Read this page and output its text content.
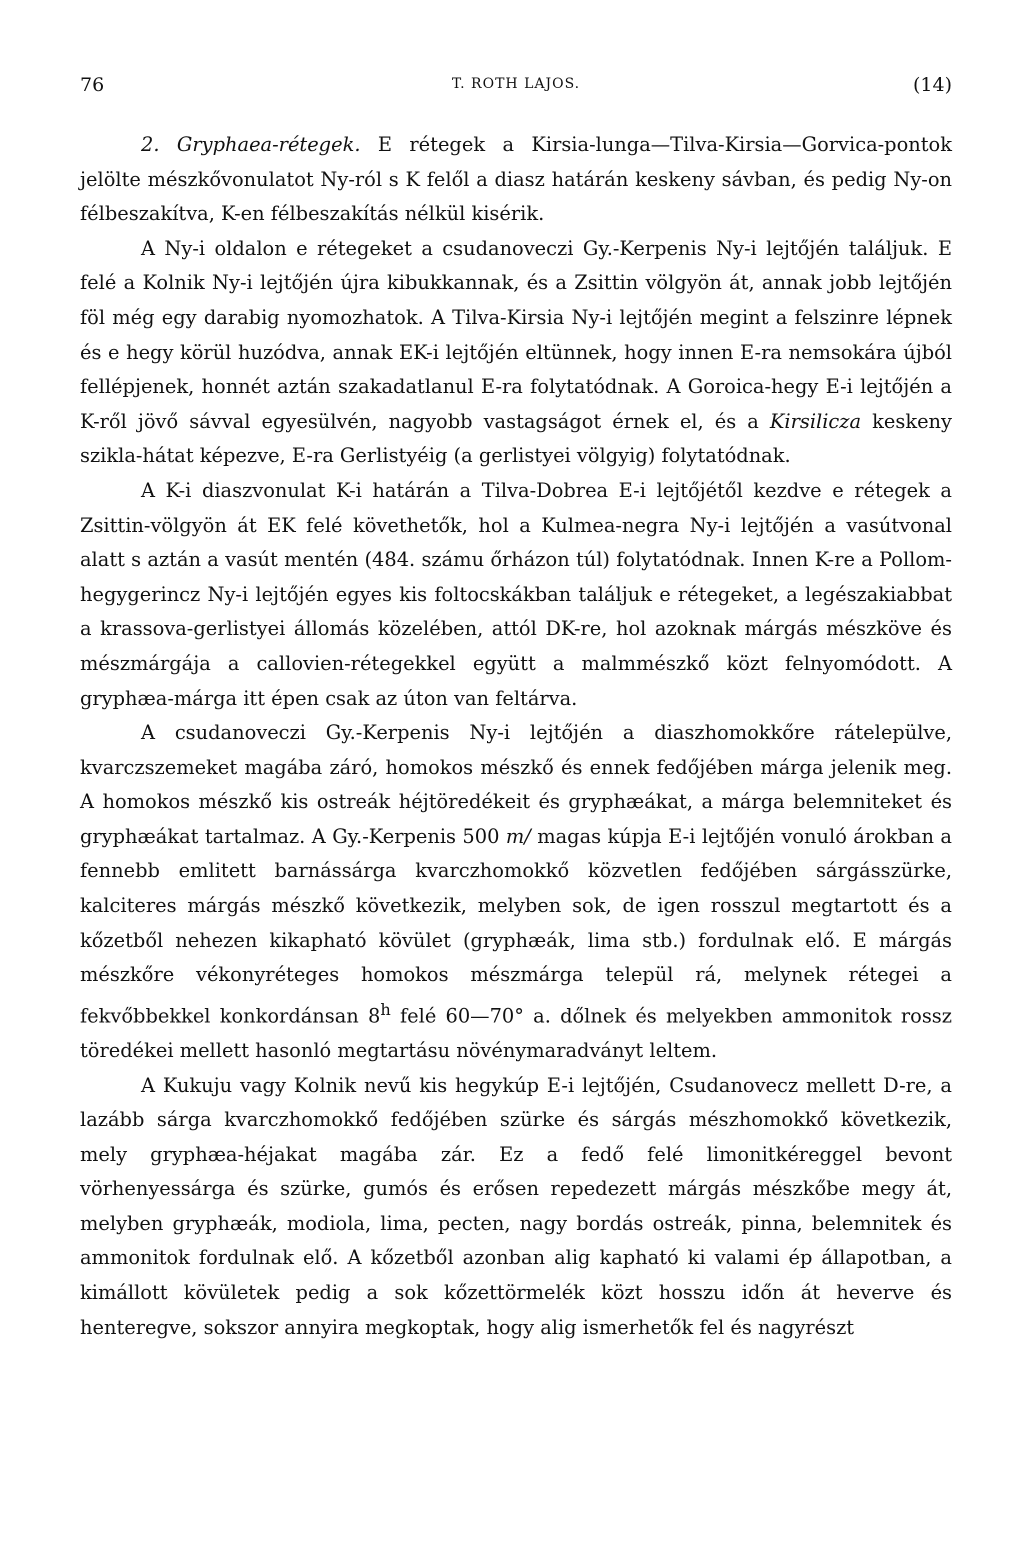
76	T. ROTH LAJOS.	(14)

2. Gryphaea-rétegek. E rétegek a Kirsia-lunga—Tilva-Kirsia—Gorvica-pontok jelölte mészkővonulatot Ny-ról s K felől a diasz határán keskeny sávban, és pedig Ny-on félbeszakítva, K-en félbeszakítás nélkül kisérik.

A Ny-i oldalon e rétegeket a csudanoveczi Gy.-Kerpenis Ny-i lejtőjén találjuk. E felé a Kolnik Ny-i lejtőjén újra kibukkannak, és a Zsittin völgyön át, annak jobb lejtőjén föl még egy darabig nyomozhatok. A Tilva-Kirsia Ny-i lejtőjén megint a felszinre lépnek és e hegy körül huzódva, annak EK-i lejtőjén eltünnek, hogy innen E-ra nemsokára újból fellépjenek, honnét aztán szakadatlanul E-ra folytatódnak. A Goroica-hegy E-i lejtőjén a K-ről jövő sávval egyesülvén, nagyobb vastagságot érnek el, és a Kirsilicza keskeny szikla-hátat képezve, E-ra Gerlistyéig (a gerlistyei völgyig) folytatódnak.

A K-i diaszvonulat K-i határán a Tilva-Dobrea E-i lejtőjétől kezdve e rétegek a Zsittin-völgyön át EK felé követhetők, hol a Kulmea-negra Ny-i lejtőjén a vasútvonal alatt s aztán a vasút mentén (484. számu őrházon túl) folytatódnak. Innen K-re a Pollom-hegygerincz Ny-i lejtőjén egyes kis foltocskákban találjuk e rétegeket, a legészakiabbat a krassova-gerlistyei állomás közelében, attól DK-re, hol azoknak márgás mészköve és mészmárgája a callovien-rétegekkel együtt a malmmészkő közt felnyomódott. A gryphæa-márga itt épen csak az úton van feltárva.

A csudanoveczi Gy.-Kerpenis Ny-i lejtőjén a diaszhomokkőre rátelepülve, kvarczszemeket magába záró, homokos mészkő és ennek fedőjében márga jelenik meg. A homokos mészkő kis ostreák héjtöredékeit és gryphæákat, a márga belemniteket és gryphæákat tartalmaz. A Gy.-Kerpenis 500 m/ magas kúpja E-i lejtőjén vonuló árokban a fennebb emlitett barnássárga kvarczhomokkő közvetlen fedőjében sárgásszürke, kalciteres márgás mészkő következik, melyben sok, de igen rosszul megtartott és a kőzetből nehezen kikapható kövület (gryphæák, lima stb.) fordulnak elő. E márgás mészkőre vékonyréteges homokos mészmárga települ rá, melynek rétegei a fekvőbbekkel konkordánsan 8$^h$ felé 60—70° a. dőlnek és melyekben ammonitok rossz töredékei mellett hasonló megtartásu növénymaradványt leltem.

A Kukuju vagy Kolnik nevű kis hegykúp E-i lejtőjén, Csudanovecz mellett D-re, a lazább sárga kvarczhomokkő fedőjében szürke és sárgás mészhomokkő következik, mely gryphæa-héjakat magába zár. Ez a fedő felé limonitkéreggel bevont vörhenyessárga és szürke, gumós és erősen repedezett márgás mészkőbe megy át, melyben gryphæák, modiola, lima, pecten, nagy bordás ostreák, pinna, belemnitek és ammonitok fordulnak elő. A kőzetből azonban alig kapható ki valami ép állapotban, a kimállott kövületek pedig a sok kőzettörmelék közt hosszu időn át heverve és henteregve, sokszor annyira megkoptak, hogy alig ismerhetők fel és nagyrészt
